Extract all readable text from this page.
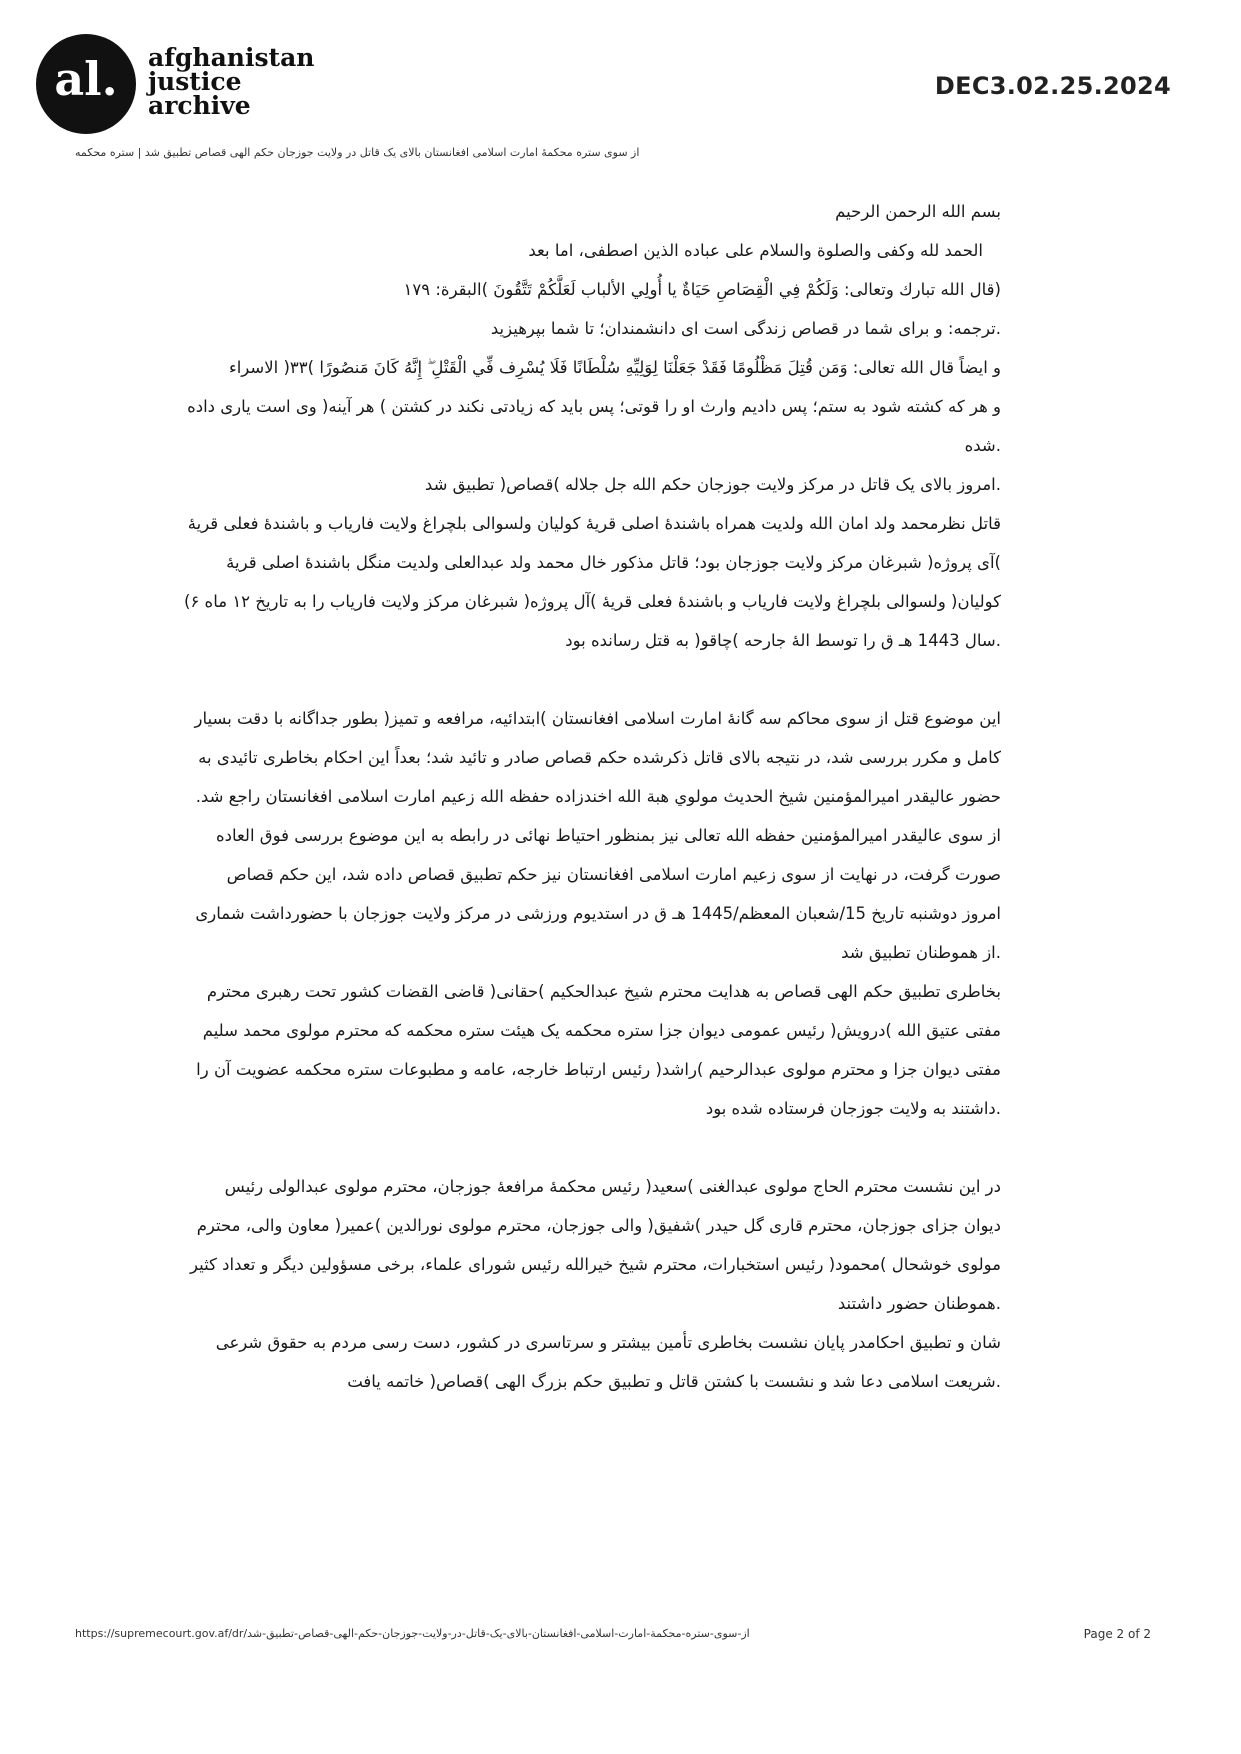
al.	afghanistan
justice
archive
DEC3.02.25.2024
از سوی ستره محکمۀ امارت اسلامی افغانستان بالای یک قاتل در ولایت جوزجان حکم الهی قصاص تطبیق شد | ستره محکمه

بسم الله الرحمن الرحیم

الحمد لله وکفی والصلوة والسلام علی عباده الذین اصطفی، اما بعد

(قال الله تبارك وتعالی: وَلَكُمْ فِي الْقِصَاصِ حَيَاةٌ يا أُولِي الألباب لَعَلَّكُمْ تَتَّقُونَ )البقرة: ۱۷۹

.ترجمه: و برای شما در قصاص زندگی است ای دانشمندان؛ تا شما بپرهیزید

و ایضاً قال الله تعالی: وَمَن قُتِلَ مَظْلُومًا فَقَدْ جَعَلْنَا لِوَلِيِّهِ سُلْطَانًا فَلَا يُسْرِف فِّي الْقَتْلِ ۖ إِنَّهُ كَانَ مَنصُورًا )۳۳( الاسراء

و هر که کشته شود به ستم؛ پس دادیم وارث او را قوتی؛ پس باید که زیادتی نکند در کشتن ) هر آینه( وی است یاری داده

.شده

.امروز بالای یک قاتل در مرکز ولایت جوزجان حکم الله جل جلاله )قصاص( تطبیق شد

قاتل نظرمحمد ولد امان الله ولدیت همراه باشندۀ اصلی قریۀ کولیان ولسوالی بلچراغ ولایت فاریاب و باشندۀ فعلی قریۀ

)آی پروژه( شبرغان مرکز ولایت جوزجان بود؛ قاتل مذکور خال محمد ولد عبدالعلی ولدیت منگل باشندۀ اصلی قریۀ

کولیان( ولسوالی بلچراغ ولایت فاریاب و باشندۀ فعلی قریۀ )آل پروژه( شبرغان مرکز ولایت فاریاب را به تاریخ ۱۲ ماه ۶)

.سال 1443 هـ ق را توسط الۀ جارحه )چاقو( به قتل رسانده بود

این موضوع قتل از سوی محاکم سه گانۀ امارت اسلامی افغانستان )ابتدائیه، مرافعه و تمیز( بطور جداگانه با دقت بسیار

کامل و مکرر بررسی شد، در نتیجه بالای قاتل ذکرشده حکم قصاص صادر و تائید شد؛ بعداً این احکام بخاطری تائیدی به

حضور عالیقدر امیرالمؤمنین شیخ الحدیث مولوي هبة الله اخندزاده حفظه الله زعیم امارت اسلامی افغانستان راجع شد.

از سوی عالیقدر امیرالمؤمنین حفظه الله تعالی نیز بمنظور احتیاط نهائی در رابطه به این موضوع بررسی فوق العاده

صورت گرفت، در نهایت از سوی زعیم امارت اسلامی افغانستان نیز حکم تطبیق قصاص داده شد، این حکم قصاص

امروز دوشنبه تاریخ 15/شعبان المعظم/1445 هـ ق در استدیوم ورزشی در مرکز ولایت جوزجان با حضورداشت شماری

.از هموطنان تطبیق شد

بخاطری تطبیق حکم الهی قصاص به هدایت محترم شیخ عبدالحکیم )حقانی( قاضی القضات کشور تحت رهبری محترم

مفتی عتیق الله )درویش( رئیس عمومی دیوان جزا ستره محکمه یک هیئت ستره محکمه که محترم مولوی محمد سلیم

مفتی دیوان جزا و محترم مولوی عبدالرحیم )راشد( رئیس ارتباط خارجه، عامه و مطبوعات ستره محکمه عضویت آن را

.داشتند به ولایت جوزجان فرستاده شده بود

در این نشست محترم الحاج مولوی عبدالغنی )سعید( رئیس محکمۀ مرافعۀ جوزجان، محترم مولوی عبدالولی رئیس

دیوان جزای جوزجان، محترم قاری گل حیدر )شفیق( والی جوزجان، محترم مولوی نورالدین )عمیر( معاون والی، محترم

مولوی خوشحال )محمود( رئیس استخبارات، محترم شیخ خیرالله رئیس شورای علماء، برخی مسؤولین دیگر و تعداد کثیر

.هموطنان حضور داشتند

شان و تطبیق احکامدر پایان نشست بخاطری تأمین بیشتر و سرتاسری در کشور، دست رسی مردم به حقوق شرعی

.شریعت اسلامی دعا شد و نشست با کشتن قاتل و تطبیق حکم بزرگ الهی )قصاص( خاتمه یافت

https://supremecourt.gov.af/dr/از-سوی-ستره-محکمة-امارت-اسلامی-افغانستان-بالای-یک-قاتل-در-ولایت-جوزجان-حکم-الهی-قصاص-تطبیق-شد	Page 2 of 2
